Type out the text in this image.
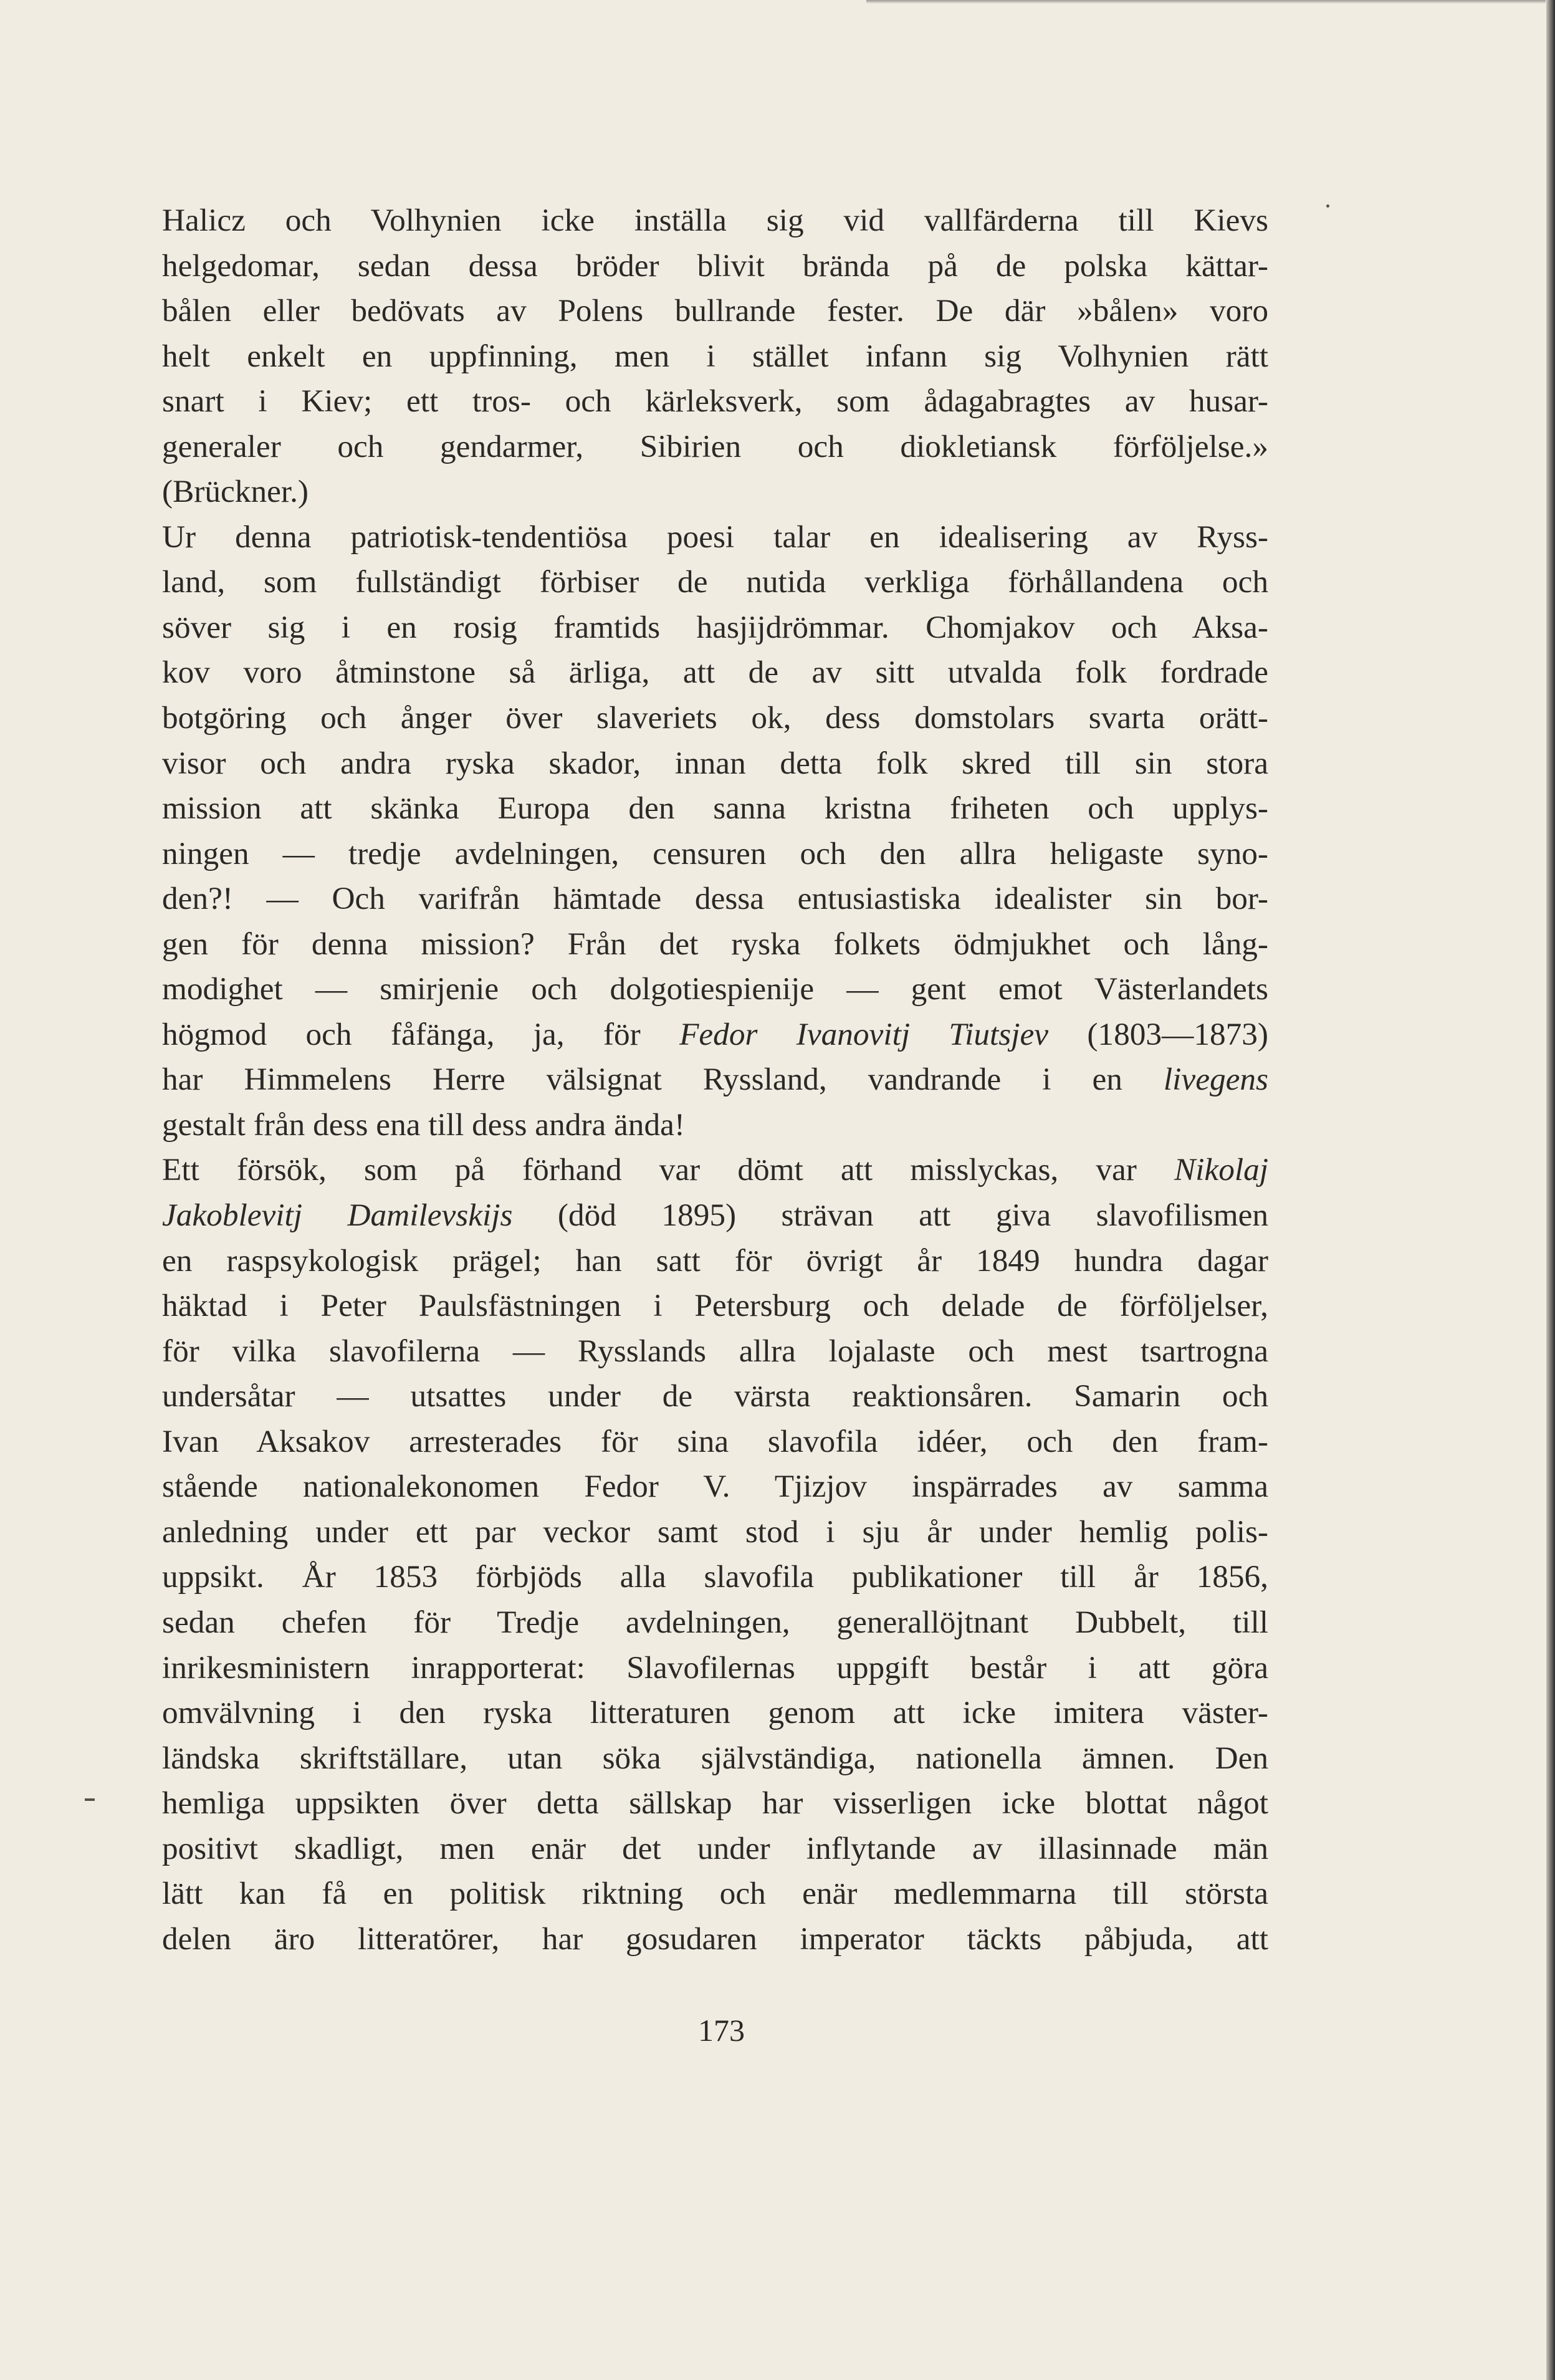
Halicz och Volhynien icke inställa sig vid vallfärderna till Kievs
helgedomar, sedan dessa bröder blivit brända på de polska kättar-
bålen eller bedövats av Polens bullrande fester. De där »bålen» voro
helt enkelt en uppfinning, men i stället infann sig Volhynien rätt
snart i Kiev; ett tros- och kärleksverk, som ådagabragtes av husar-
generaler och gendarmer, Sibirien och diokletiansk förföljelse.»
(Brückner.)
Ur denna patriotisk-tendentiösa poesi talar en idealisering av Ryss-
land, som fullständigt förbiser de nutida verkliga förhållandena och
söver sig i en rosig framtids hasjijdrömmar. Chomjakov och Aksa-
kov voro åtminstone så ärliga, att de av sitt utvalda folk fordrade
botgöring och ånger över slaveriets ok, dess domstolars svarta orätt-
visor och andra ryska skador, innan detta folk skred till sin stora
mission att skänka Europa den sanna kristna friheten och upplys-
ningen — tredje avdelningen, censuren och den allra heligaste syno-
den?! — Och varifrån hämtade dessa entusiastiska idealister sin bor-
gen för denna mission? Från det ryska folkets ödmjukhet och lång-
modighet — smirjenie och dolgotiespienije — gent emot Västerlandets
högmod och fåfänga, ja, för Fedor Ivanovitj Tiutsjev (1803—1873)
har Himmelens Herre välsignat Ryssland, vandrande i en livegens
gestalt från dess ena till dess andra ända!
Ett försök, som på förhand var dömt att misslyckas, var Nikolaj
Jakoblevitj Damilevskijs (död 1895) strävan att giva slavofilismen
en raspsykologisk prägel; han satt för övrigt år 1849 hundra dagar
häktad i Peter Paulsfästningen i Petersburg och delade de förföljelser,
för vilka slavofilerna — Rysslands allra lojalaste och mest tsartrogna
undersåtar — utsattes under de värsta reaktionsåren. Samarin och
Ivan Aksakov arresterades för sina slavofila idéer, och den fram-
stående nationalekonomen Fedor V. Tjizjov inspärrades av samma
anledning under ett par veckor samt stod i sju år under hemlig polis-
uppsikt. År 1853 förbjöds alla slavofila publikationer till år 1856,
sedan chefen för Tredje avdelningen, generallöjtnant Dubbelt, till
inrikesministern inrapporterat: Slavofilernas uppgift består i att göra
omvälvning i den ryska litteraturen genom att icke imitera väster-
ländska skriftställare, utan söka självständiga, nationella ämnen. Den
hemliga uppsikten över detta sällskap har visserligen icke blottat något
positivt skadligt, men enär det under inflytande av illasinnade män
lätt kan få en politisk riktning och enär medlemmarna till största
delen äro litteratörer, har gosudaren imperator täckts påbjuda, att
173
